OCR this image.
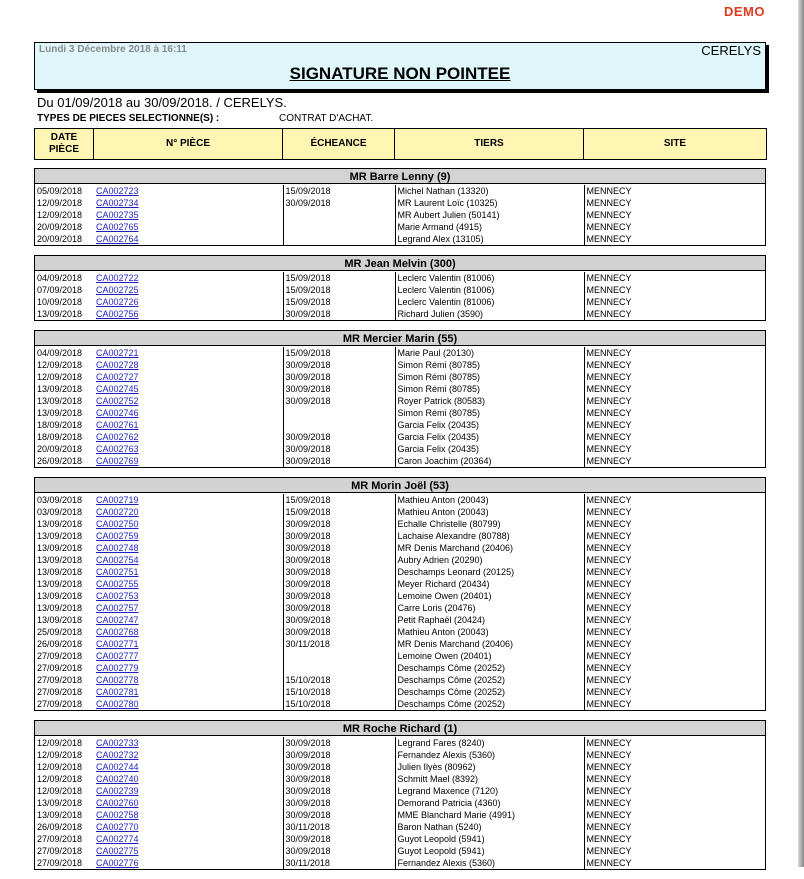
DEMO
Lundi 3 Décembre 2018 à 16:11	CERELYS
SIGNATURE NON POINTEE
Du 01/09/2018 au 30/09/2018. / CERELYS.
TYPES DE PIECES SELECTIONNE(S) :	CONTRAT D'ACHAT.
DATE PIÈCE
	N° PIÈCE	ÉCHEANCE	TIERS	SITE
MR Barre Lenny (9)
05/09/2018	CA002723	15/09/2018	Michel Nathan (13320)	MENNECY
12/09/2018	CA002734	30/09/2018	MR Laurent Loïc (10325)	MENNECY
12/09/2018	CA002735		MR Aubert Julien (50141)	MENNECY
20/09/2018	CA002765		Marie Armand (4915)	MENNECY
20/09/2018	CA002764		Legrand Alex (13105)	MENNECY
MR Jean Melvin (300)
04/09/2018	CA002722	15/09/2018	Leclerc Valentin (81006)	MENNECY
07/09/2018	CA002725	15/09/2018	Leclerc Valentin (81006)	MENNECY
10/09/2018	CA002726	15/09/2018	Leclerc Valentin (81006)	MENNECY
13/09/2018	CA002756	30/09/2018	Richard Julien (3590)	MENNECY
MR Mercier Marin (55)
04/09/2018	CA002721	15/09/2018	Marie Paul (20130)	MENNECY
12/09/2018	CA002728	30/09/2018	Simon Rémi (80785)	MENNECY
12/09/2018	CA002727	30/09/2018	Simon Rémi (80785)	MENNECY
13/09/2018	CA002745	30/09/2018	Simon Rémi (80785)	MENNECY
13/09/2018	CA002752	30/09/2018	Royer Patrick (80583)	MENNECY
13/09/2018	CA002746		Simon Rémi (80785)	MENNECY
18/09/2018	CA002761		Garcia Felix (20435)	MENNECY
18/09/2018	CA002762	30/09/2018	Garcia Felix (20435)	MENNECY
20/09/2018	CA002763	30/09/2018	Garcia Felix (20435)	MENNECY
26/09/2018	CA002769	30/09/2018	Caron Joachim (20364)	MENNECY
MR Morin Joël (53)
03/09/2018	CA002719	15/09/2018	Mathieu Anton (20043)	MENNECY
03/09/2018	CA002720	15/09/2018	Mathieu Anton (20043)	MENNECY
13/09/2018	CA002750	30/09/2018	Echalle Christelle (80799)	MENNECY
13/09/2018	CA002759	30/09/2018	Lachaise Alexandre (80788)	MENNECY
13/09/2018	CA002748	30/09/2018	MR Denis Marchand (20406)	MENNECY
13/09/2018	CA002754	30/09/2018	Aubry Adrien (20290)	MENNECY
13/09/2018	CA002751	30/09/2018	Deschamps Leonard (20125)	MENNECY
13/09/2018	CA002755	30/09/2018	Meyer Richard (20434)	MENNECY
13/09/2018	CA002753	30/09/2018	Lemoine Owen (20401)	MENNECY
13/09/2018	CA002757	30/09/2018	Carre Loris (20476)	MENNECY
13/09/2018	CA002747	30/09/2018	Petit Raphaël (20424)	MENNECY
25/09/2018	CA002768	30/09/2018	Mathieu Anton (20043)	MENNECY
26/09/2018	CA002771	30/11/2018	MR Denis Marchand (20406)	MENNECY
27/09/2018	CA002777		Lemoine Owen (20401)	MENNECY
27/09/2018	CA002779		Deschamps Côme (20252)	MENNECY
27/09/2018	CA002778	15/10/2018	Deschamps Côme (20252)	MENNECY
27/09/2018	CA002781	15/10/2018	Deschamps Côme (20252)	MENNECY
27/09/2018	CA002780	15/10/2018	Deschamps Côme (20252)	MENNECY
MR Roche Richard (1)
12/09/2018	CA002733	30/09/2018	Legrand Fares (8240)	MENNECY
12/09/2018	CA002732	30/09/2018	Fernandez Alexis (5360)	MENNECY
12/09/2018	CA002744	30/09/2018	Julien Ilyès (80962)	MENNECY
12/09/2018	CA002740	30/09/2018	Schmitt Mael (8392)	MENNECY
12/09/2018	CA002739	30/09/2018	Legrand Maxence (7120)	MENNECY
13/09/2018	CA002760	30/09/2018	Demorand Patricia (4360)	MENNECY
13/09/2018	CA002758	30/09/2018	MME Blanchard Marie (4991)	MENNECY
26/09/2018	CA002770	30/11/2018	Baron Nathan (5240)	MENNECY
27/09/2018	CA002774	30/09/2018	Guyot Leopold (5941)	MENNECY
27/09/2018	CA002775	30/09/2018	Guyot Leopold (5941)	MENNECY
27/09/2018	CA002776	30/11/2018	Fernandez Alexis (5360)	MENNECY
